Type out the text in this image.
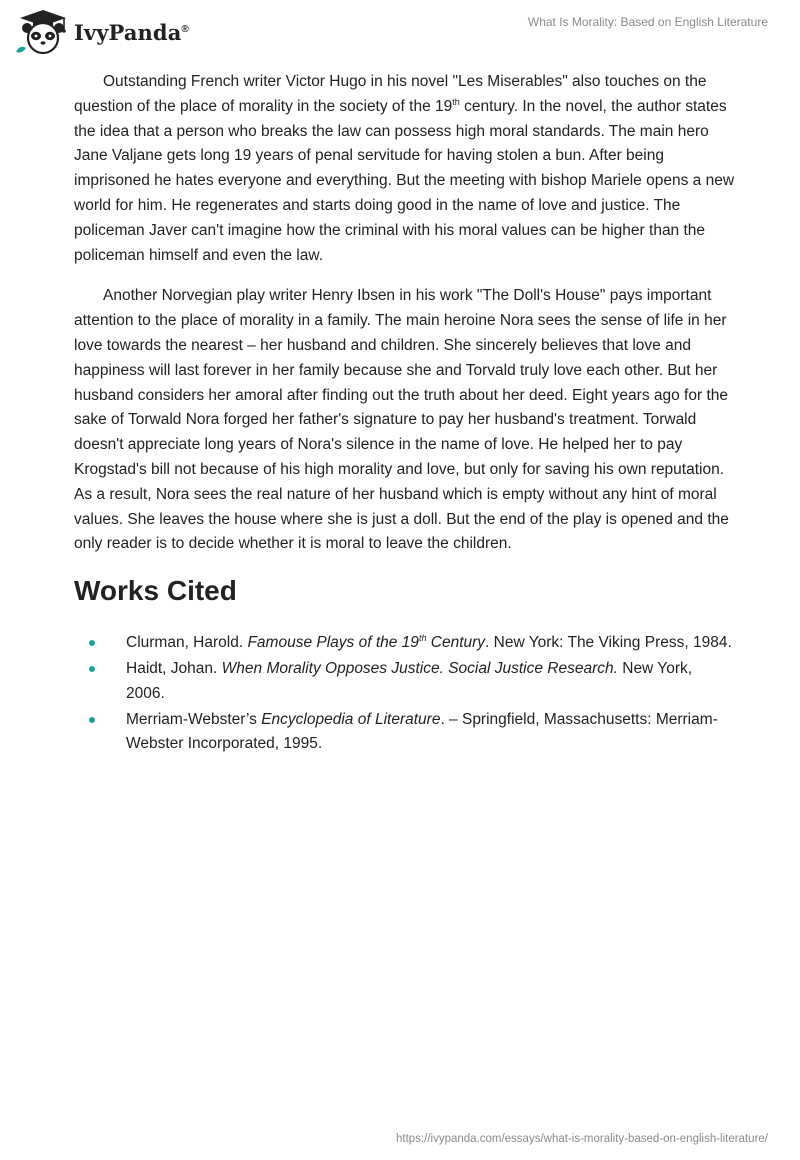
IvyPanda®	What Is Morality: Based on English Literature

Outstanding French writer Victor Hugo in his novel "Les Miserables" also touches on the question of the place of morality in the society of the 19th century. In the novel, the author states the idea that a person who breaks the law can possess high moral standards. The main hero Jane Valjane gets long 19 years of penal servitude for having stolen a bun. After being imprisoned he hates everyone and everything. But the meeting with bishop Mariele opens a new world for him. He regenerates and starts doing good in the name of love and justice. The policeman Javer can't imagine how the criminal with his moral values can be higher than the policeman himself and even the law.

Another Norvegian play writer Henry Ibsen in his work "The Doll's House" pays important attention to the place of morality in a family. The main heroine Nora sees the sense of life in her love towards the nearest – her husband and children. She sincerely believes that love and happiness will last forever in her family because she and Torvald truly love each other. But her husband considers her amoral after finding out the truth about her deed. Eight years ago for the sake of Torwald Nora forged her father's signature to pay her husband's treatment. Torwald doesn't appreciate long years of Nora's silence in the name of love. He helped her to pay Krogstad's bill not because of his high morality and love, but only for saving his own reputation. As a result, Nora sees the real nature of her husband which is empty without any hint of moral values. She leaves the house where she is just a doll. But the end of the play is opened and the only reader is to decide whether it is moral to leave the children.

Works Cited
Clurman, Harold. Famouse Plays of the 19th Century. New York: The Viking Press, 1984.
Haidt, Johan. When Morality Opposes Justice. Social Justice Research. New York, 2006.
Merriam-Webster’s Encyclopedia of Literature. – Springfield, Massachusetts: Merriam-Webster Incorporated, 1995.
https://ivypanda.com/essays/what-is-morality-based-on-english-literature/
